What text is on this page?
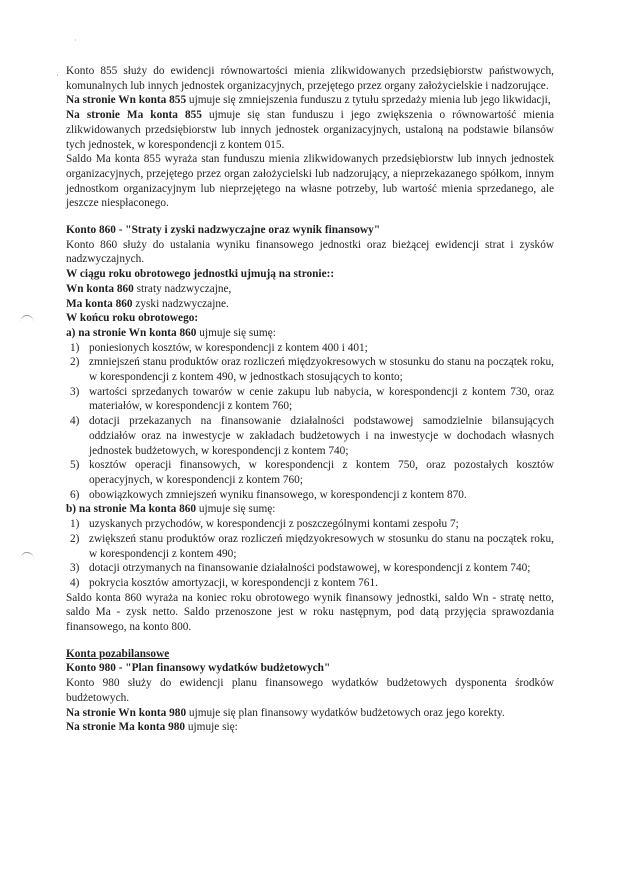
·
· Konto 855 służy do ewidencji równowartości mienia zlikwidowanych przedsiębiorstw państwowych, komunalnych lub innych jednostek organizacyjnych, przejętego przez organy założycielskie i nadzorujące.

Na stronie Wn konta 855 ujmuje się zmniejszenia funduszu z tytułu sprzedaży mienia lub jego likwidacji,

Na stronie Ma konta 855 ujmuje się stan funduszu i jego zwiększenia o równowartość mienia zlikwidowanych przedsiębiorstw lub innych jednostek organizacyjnych, ustaloną na podstawie bilansów tych jednostek, w korespondencji z kontem 015.

Saldo Ma konta 855 wyraża stan funduszu mienia zlikwidowanych przedsiębiorstw lub innych jednostek organizacyjnych, przejętego przez organ założycielski lub nadzorujący, a nieprzekazanego spółkom, innym jednostkom organizacyjnym lub nieprzejętego na własne potrzeby, lub wartość mienia sprzedanego, ale jeszcze niespłaconego.

Konto 860 - "Straty i zyski nadzwyczajne oraz wynik finansowy"

Konto 860 służy do ustalania wyniku finansowego jednostki oraz bieżącej ewidencji strat i zysków nadzwyczajnych.

W ciągu roku obrotowego jednostki ujmują na stronie::

Wn konta 860 straty nadzwyczajne,

Ma konta 860 zyski nadzwyczajne.

W końcu roku obrotowego:

a) na stronie Wn konta 860 ujmuje się sumę:

1) poniesionych kosztów, w korespondencji z kontem 400 i 401;
2) zmniejszeń stanu produktów oraz rozliczeń międzyokresowych w stosunku do stanu na początek roku, w korespondencji z kontem 490, w jednostkach stosujących to konto;
3) wartości sprzedanych towarów w cenie zakupu lub nabycia, w korespondencji z kontem 730, oraz materiałów, w korespondencji z kontem 760;
4) dotacji przekazanych na finansowanie działalności podstawowej samodzielnie bilansujących oddziałów oraz na inwestycje w zakładach budżetowych i na inwestycje w dochodach własnych jednostek budżetowych, w korespondencji z kontem 740;
5) kosztów operacji finansowych, w korespondencji z kontem 750, oraz pozostałych kosztów operacyjnych, w korespondencji z kontem 760;
6) obowiązkowych zmniejszeń wyniku finansowego, w korespondencji z kontem 870.

b) na stronie Ma konta 860 ujmuje się sumę:

1) uzyskanych przychodów, w korespondencji z poszczególnymi kontami zespołu 7;
2) zwiększeń stanu produktów oraz rozliczeń międzyokresowych w stosunku do stanu na początek roku, w korespondencji z kontem 490;
3) dotacji otrzymanych na finansowanie działalności podstawowej, w korespondencji z kontem 740;
4) pokrycia kosztów amortyzacji, w korespondencji z kontem 761.

Saldo konta 860 wyraża na koniec roku obrotowego wynik finansowy jednostki, saldo Wn - stratę netto, saldo Ma - zysk netto. Saldo przenoszone jest w roku następnym, pod datą przyjęcia sprawozdania finansowego, na konto 800.

Konta pozabilansowe

Konto 980 - "Plan finansowy wydatków budżetowych"

Konto 980 służy do ewidencji planu finansowego wydatków budżetowych dysponenta środków budżetowych.

Na stronie Wn konta 980 ujmuje się plan finansowy wydatków budżetowych oraz jego korekty.

Na stronie Ma konta 980 ujmuje się:
